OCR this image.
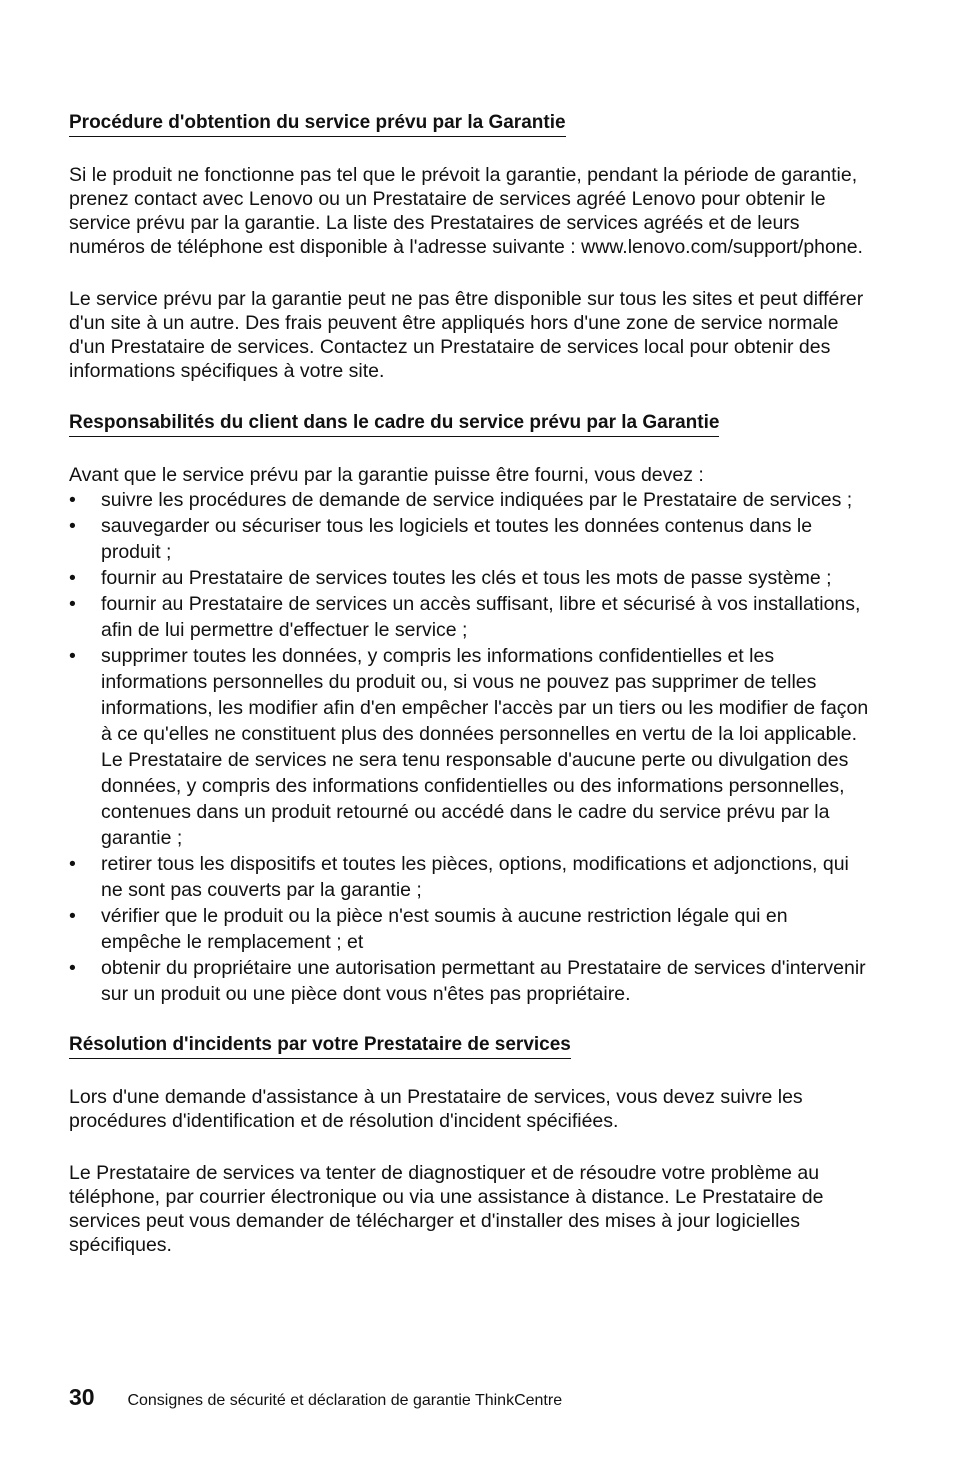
Procédure d'obtention du service prévu par la Garantie

Si le produit ne fonctionne pas tel que le prévoit la garantie, pendant la période de garantie, prenez contact avec Lenovo ou un Prestataire de services agréé Lenovo pour obtenir le service prévu par la garantie. La liste des Prestataires de services agréés et de leurs numéros de téléphone est disponible à l'adresse suivante : www.lenovo.com/support/phone.

Le service prévu par la garantie peut ne pas être disponible sur tous les sites et peut différer d'un site à un autre. Des frais peuvent être appliqués hors d'une zone de service normale d'un Prestataire de services. Contactez un Prestataire de services local pour obtenir des informations spécifiques à votre site.

Responsabilités du client dans le cadre du service prévu par la Garantie

Avant que le service prévu par la garantie puisse être fourni, vous devez :

• suivre les procédures de demande de service indiquées par le Prestataire de services ;
• sauvegarder ou sécuriser tous les logiciels et toutes les données contenus dans le produit ;
• fournir au Prestataire de services toutes les clés et tous les mots de passe système ;
• fournir au Prestataire de services un accès suffisant, libre et sécurisé à vos installations, afin de lui permettre d'effectuer le service ;
• supprimer toutes les données, y compris les informations confidentielles et les informations personnelles du produit ou, si vous ne pouvez pas supprimer de telles informations, les modifier afin d'en empêcher l'accès par un tiers ou les modifier de façon à ce qu'elles ne constituent plus des données personnelles en vertu de la loi applicable. Le Prestataire de services ne sera tenu responsable d'aucune perte ou divulgation des données, y compris des informations confidentielles ou des informations personnelles, contenues dans un produit retourné ou accédé dans le cadre du service prévu par la garantie ;
• retirer tous les dispositifs et toutes les pièces, options, modifications et adjonctions, qui ne sont pas couverts par la garantie ;
• vérifier que le produit ou la pièce n'est soumis à aucune restriction légale qui en empêche le remplacement ; et
• obtenir du propriétaire une autorisation permettant au Prestataire de services d'intervenir sur un produit ou une pièce dont vous n'êtes pas propriétaire.
Résolution d'incidents par votre Prestataire de services

Lors d'une demande d'assistance à un Prestataire de services, vous devez suivre les procédures d'identification et de résolution d'incident spécifiées.

Le Prestataire de services va tenter de diagnostiquer et de résoudre votre problème au téléphone, par courrier électronique ou via une assistance à distance. Le Prestataire de services peut vous demander de télécharger et d'installer des mises à jour logicielles spécifiques.

30 Consignes de sécurité et déclaration de garantie ThinkCentre
